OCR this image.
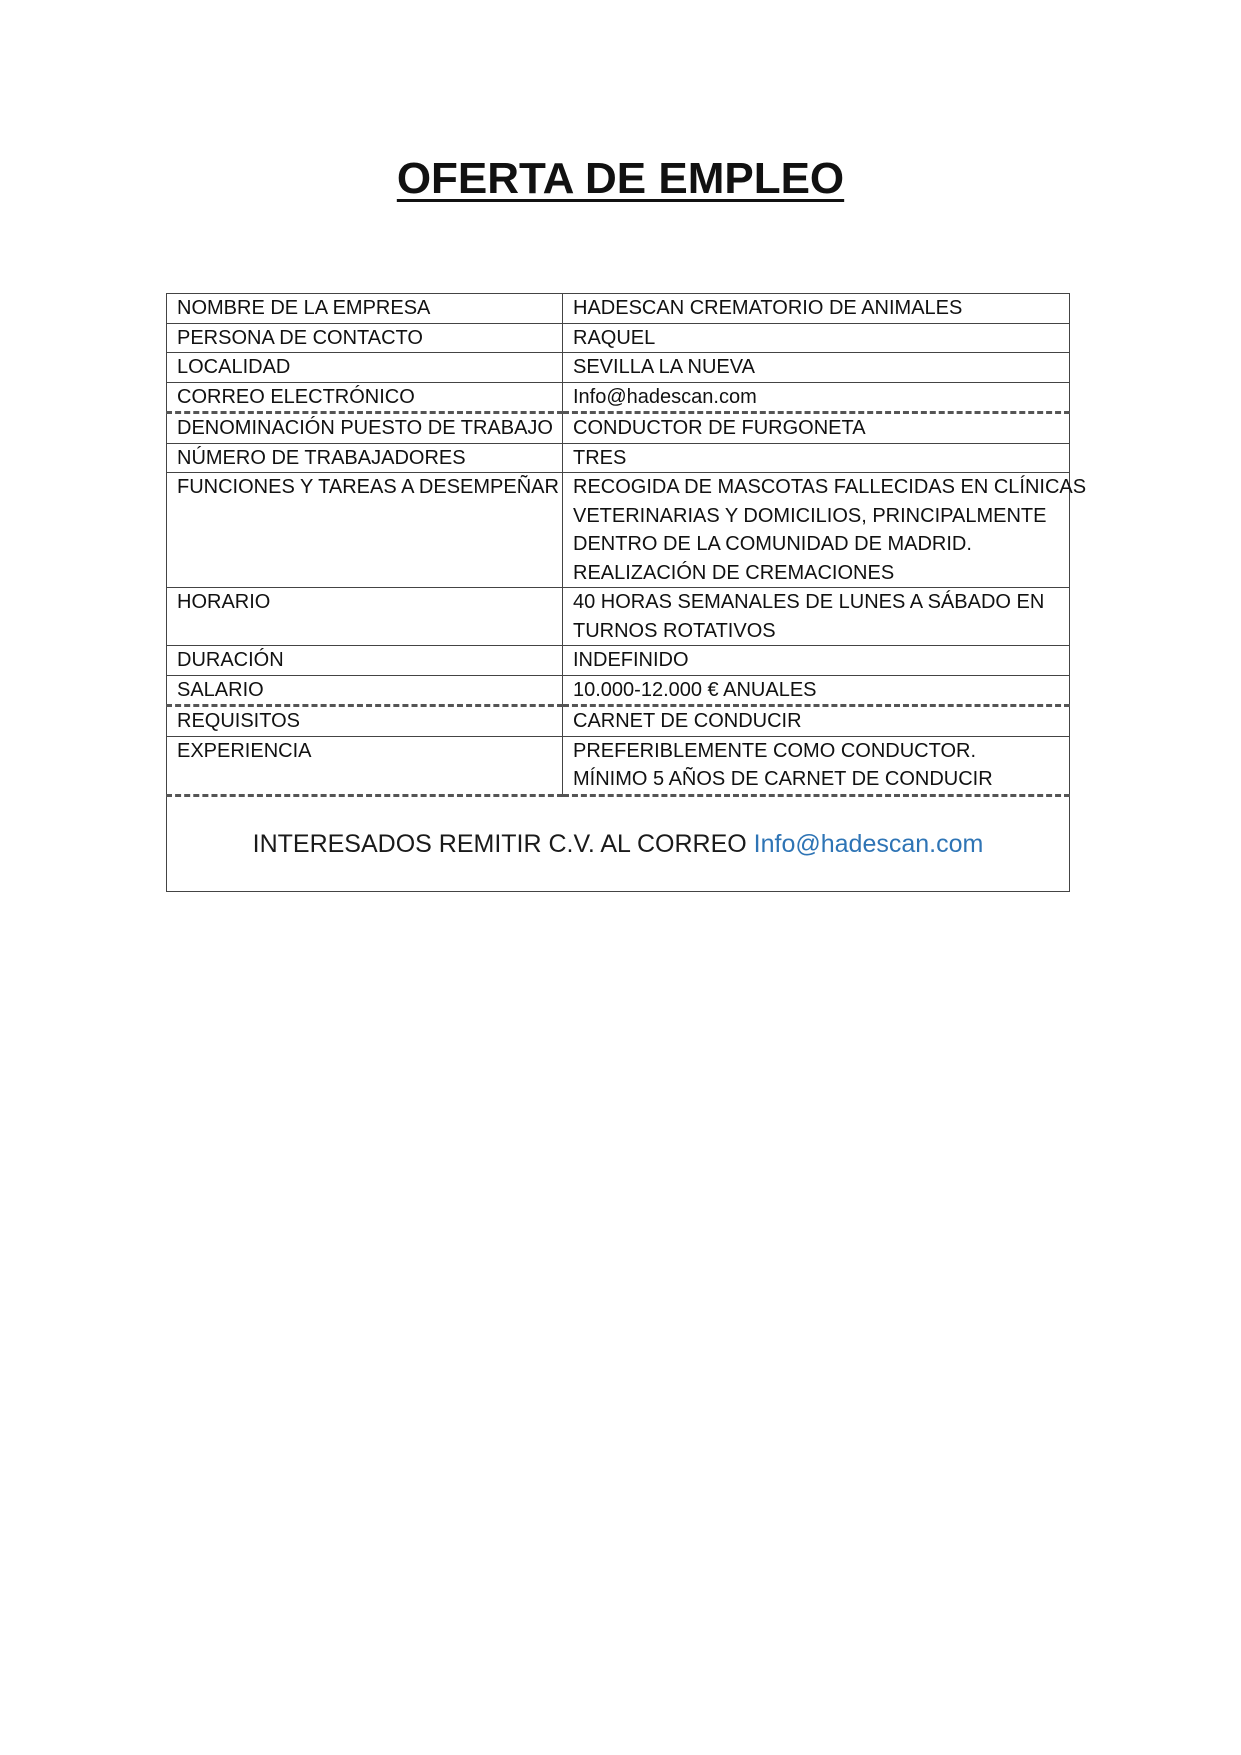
OFERTA DE EMPLEO
NOMBRE DE LA EMPRESA	HADESCAN CREMATORIO DE ANIMALES

PERSONA DE CONTACTO	RAQUEL

LOCALIDAD	SEVILLA LA NUEVA

CORREO ELECTRÓNICO	Info@hadescan.com

DENOMINACIÓN PUESTO DE TRABAJO	CONDUCTOR DE FURGONETA

NÚMERO DE TRABAJADORES	TRES

FUNCIONES Y TAREAS A DESEMPEÑAR	RECOGIDA DE MASCOTAS FALLECIDAS EN CLÍNICAS
VETERINARIAS Y DOMICILIOS, PRINCIPALMENTE
DENTRO DE LA COMUNIDAD DE MADRID.
REALIZACIÓN DE CREMACIONES

HORARIO	40 HORAS SEMANALES DE LUNES A SÁBADO EN
TURNOS ROTATIVOS

DURACIÓN	INDEFINIDO

SALARIO	10.000-12.000 € ANUALES

REQUISITOS	CARNET DE CONDUCIR

EXPERIENCIA	PREFERIBLEMENTE COMO CONDUCTOR.
MÍNIMO 5 AÑOS DE CARNET DE CONDUCIR

INTERESADOS REMITIR C.V. AL CORREO Info@hadescan.com	
